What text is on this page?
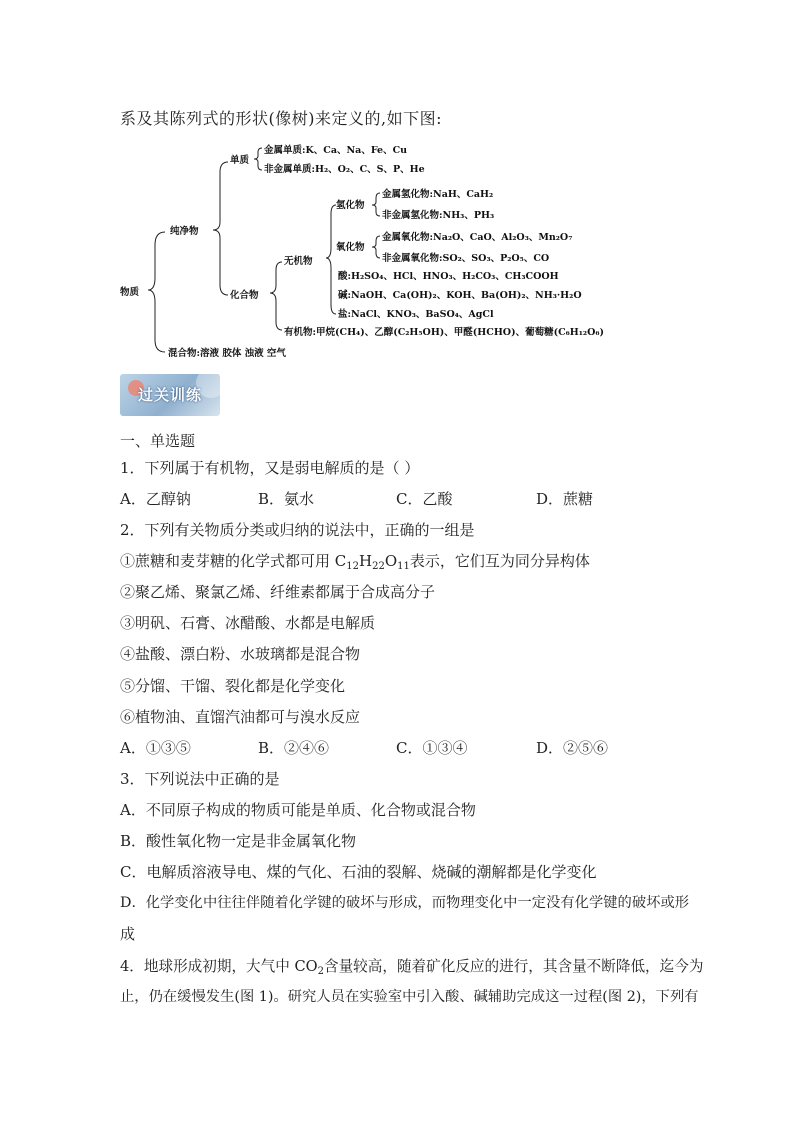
系及其陈列式的形状(像树)来定义的,如下图:
物质
纯净物
混合物:溶液 胶体 浊液 空气
单质
金属单质:K、Ca、Na、Fe、Cu
非金属单质:H₂、O₂、C、S、P、He
化合物
无机物
氢化物
金属氢化物:NaH、CaH₂
非金属氢化物:NH₃、PH₃
氧化物
金属氧化物:Na₂O、CaO、Al₂O₃、Mn₂O₇
非金属氧化物:SO₂、SO₃、P₂O₅、CO
酸:H₂SO₄、HCl、HNO₃、H₂CO₃、CH₃COOH
碱:NaOH、Ca(OH)₂、KOH、Ba(OH)₂、NH₃·H₂O
盐:NaCl、KNO₃、BaSO₄、AgCl
有机物:甲烷(CH₄)、乙醇(C₂H₅OH)、甲醛(HCHO)、葡萄糖(C₆H₁₂O₆)
过关训练
一、单选题
1．下列属于有机物，又是弱电解质的是（ ）
A．乙醇钠	B．氨水	C．乙酸	D．蔗糖
2．下列有关物质分类或归纳的说法中，正确的一组是
①蔗糖和麦芽糖的化学式都可用 $C_{12}H_{22}O_{11}$表示，它们互为同分异构体
②聚乙烯、聚氯乙烯、纤维素都属于合成高分子
③明矾、石膏、冰醋酸、水都是电解质
④盐酸、漂白粉、水玻璃都是混合物
⑤分馏、干馏、裂化都是化学变化
⑥植物油、直馏汽油都可与溴水反应
A．①③⑤	B．②④⑥	C．①③④	D．②⑤⑥
3．下列说法中正确的是
A．不同原子构成的物质可能是单质、化合物或混合物
B．酸性氧化物一定是非金属氧化物
C．电解质溶液导电、煤的气化、石油的裂解、烧碱的潮解都是化学变化
D．化学变化中往往伴随着化学键的破坏与形成，而物理变化中一定没有化学键的破坏或形
成
4．地球形成初期，大气中 $CO_2$含量较高，随着矿化反应的进行，其含量不断降低，迄今为
止，仍在缓慢发生(图 1)。研究人员在实验室中引入酸、碱辅助完成这一过程(图 2)，下列有
